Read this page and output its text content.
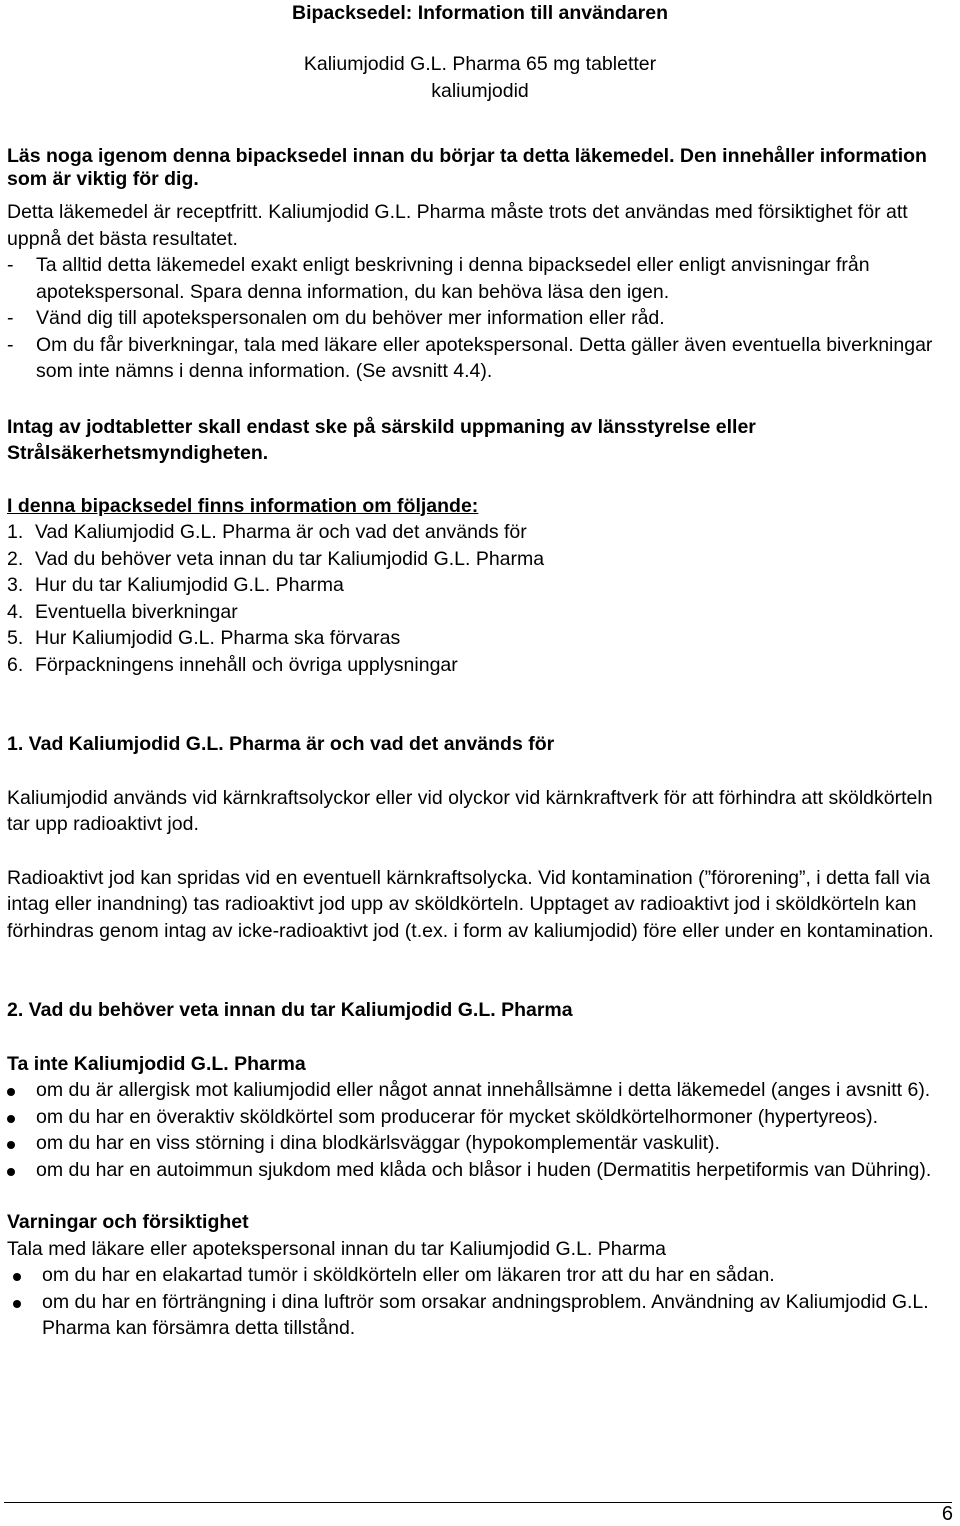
Bipacksedel: Information till användaren

Kaliumjodid G.L. Pharma 65 mg tabletter

kaliumjodid

Läs noga igenom denna bipacksedel innan du börjar ta detta läkemedel. Den innehåller information som är viktig för dig.

Detta läkemedel är receptfritt. Kaliumjodid G.L. Pharma måste trots det användas med försiktighet för att uppnå det bästa resultatet.

-	Ta alltid detta läkemedel exakt enligt beskrivning i denna bipacksedel eller enligt anvisningar från apotekspersonal. Spara denna information, du kan behöva läsa den igen.
-	Vänd dig till apotekspersonalen om du behöver mer information eller råd.
-	Om du får biverkningar, tala med läkare eller apotekspersonal. Detta gäller även eventuella biverkningar som inte nämns i denna information. (Se avsnitt 4.4).

Intag av jodtabletter skall endast ske på särskild uppmaning av länsstyrelse eller Strålsäkerhetsmyndigheten.

I denna bipacksedel finns information om följande:

1. Vad Kaliumjodid G.L. Pharma är och vad det används för
2. Vad du behöver veta innan du tar Kaliumjodid G.L. Pharma
3. Hur du tar Kaliumjodid G.L. Pharma
4. Eventuella biverkningar
5. Hur Kaliumjodid G.L. Pharma ska förvaras
6. Förpackningens innehåll och övriga upplysningar

1. Vad Kaliumjodid G.L. Pharma är och vad det används för

Kaliumjodid används vid kärnkraftsolyckor eller vid olyckor vid kärnkraftverk för att förhindra att sköldkörteln tar upp radioaktivt jod.

Radioaktivt jod kan spridas vid en eventuell kärnkraftsolycka. Vid kontamination (”förorening”, i detta fall via intag eller inandning) tas radioaktivt jod upp av sköldkörteln. Upptaget av radioaktivt jod i sköldkörteln kan förhindras genom intag av icke-radioaktivt jod (t.ex. i form av kaliumjodid) före eller under en kontamination.

2. Vad du behöver veta innan du tar Kaliumjodid G.L. Pharma

Ta inte Kaliumjodid G.L. Pharma

om du är allergisk mot kaliumjodid eller något annat innehållsämne i detta läkemedel (anges i avsnitt 6).
om du har en överaktiv sköldkörtel som producerar för mycket sköldkörtelhormoner (hypertyreos).
om du har en viss störning i dina blodkärlsväggar (hypokomplementär vaskulit).
om du har en autoimmun sjukdom med klåda och blåsor i huden (Dermatitis herpetiformis van Dühring).

Varningar och försiktighet

Tala med läkare eller apotekspersonal innan du tar Kaliumjodid G.L. Pharma

om du har en elakartad tumör i sköldkörteln eller om läkaren tror att du har en sådan.
om du har en förträngning i dina luftrör som orsakar andningsproblem. Användning av Kaliumjodid G.L. Pharma kan försämra detta tillstånd.
6
